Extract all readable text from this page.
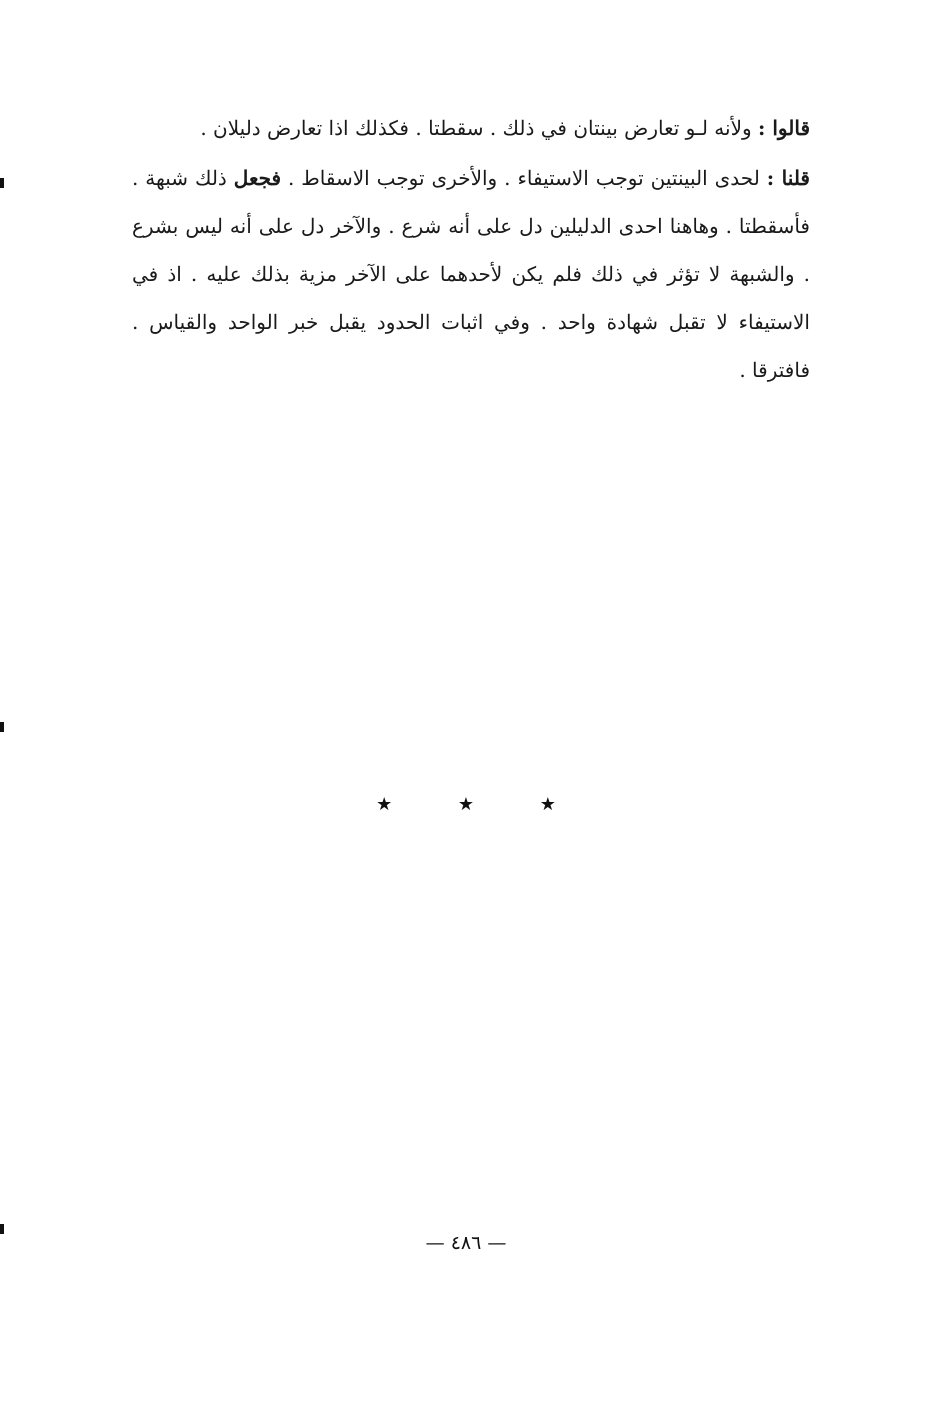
قالوا : ولأنه لـو تعارض بينتان في ذلك . سقطتا . فكذلك اذا تعارض دليلان .

قلنا : لحدى البينتين توجب الاستيفاء . والأخرى توجب الاسقاط . فجعل ذلك شبهة . فأسقطتا . وهاهنا احدى الدليلين دل على أنه شرع . والآخر دل على أنه ليس بشرع . والشبهة لا تؤثر في ذلك فلم يكن لأحدهما على الآخر مزية بذلك عليه . اذ في الاستيفاء لا تقبل شهادة واحد . وفي اثبات الحدود يقبل خبر الواحد والقياس . فافترقا .

★ ★ ★
— ٤٨٦ —
